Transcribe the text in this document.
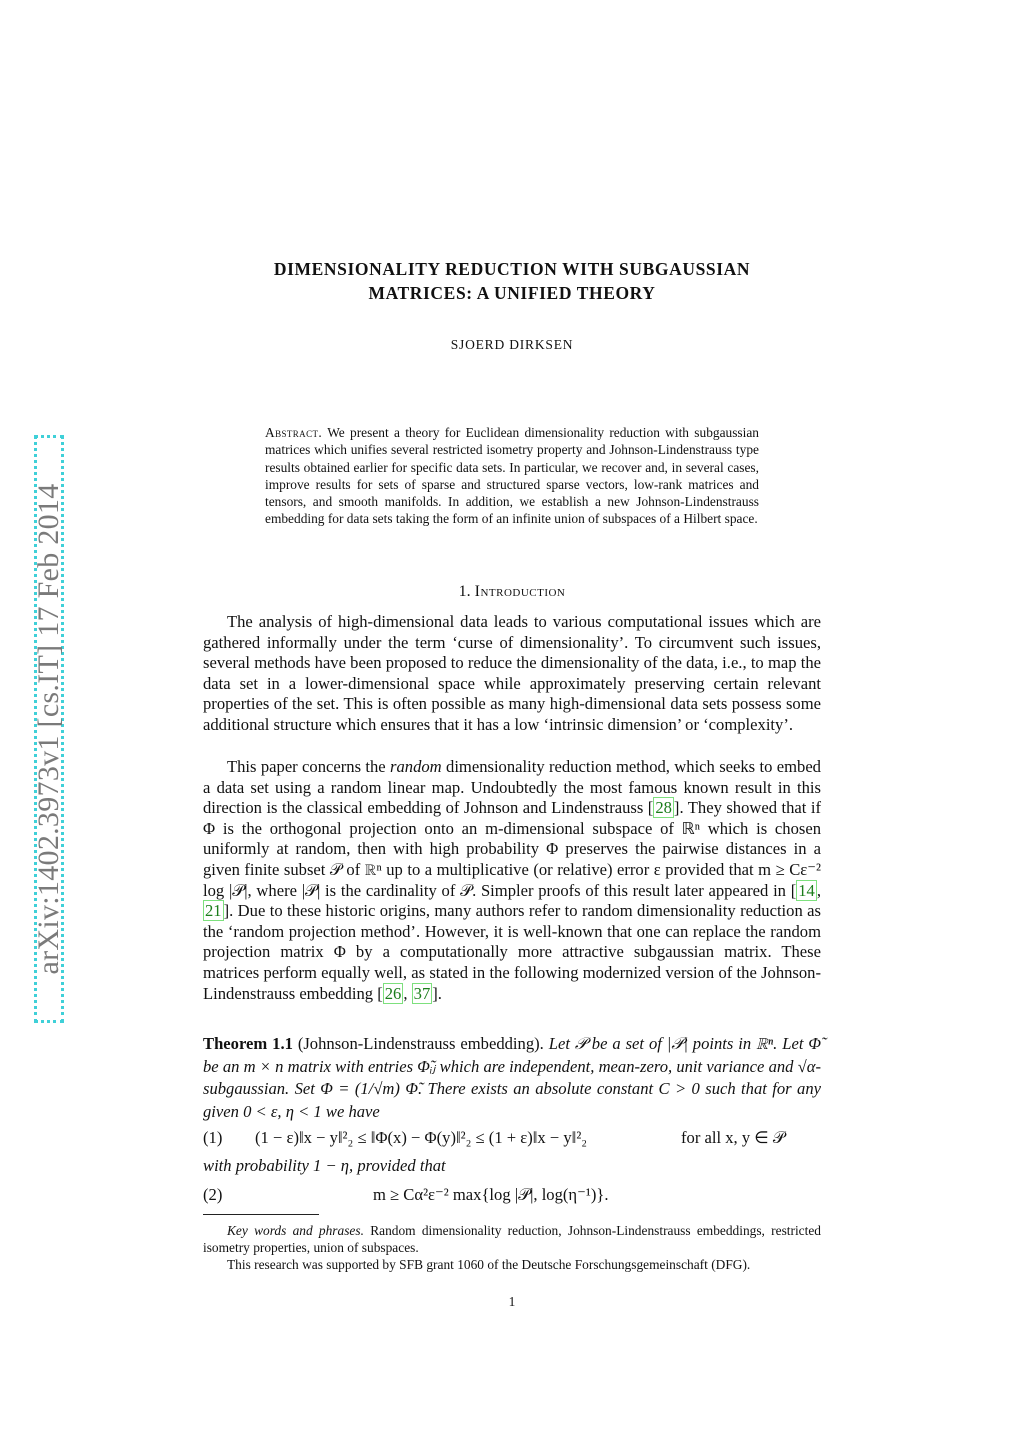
arXiv:1402.3973v1 [cs.IT] 17 Feb 2014
DIMENSIONALITY REDUCTION WITH SUBGAUSSIAN
MATRICES: A UNIFIED THEORY
SJOERD DIRKSEN
Abstract. We present a theory for Euclidean dimensionality reduction with subgaussian matrices which unifies several restricted isometry property and Johnson-Lindenstrauss type results obtained earlier for specific data sets. In particular, we recover and, in several cases, improve results for sets of sparse and structured sparse vectors, low-rank matrices and tensors, and smooth manifolds. In addition, we establish a new Johnson-Lindenstrauss embedding for data sets taking the form of an infinite union of subspaces of a Hilbert space.
1. Introduction

The analysis of high-dimensional data leads to various computational issues which are gathered informally under the term ‘curse of dimensionality’. To circumvent such issues, several methods have been proposed to reduce the dimensionality of the data, i.e., to map the data set in a lower-dimensional space while approximately preserving certain relevant properties of the set. This is often possible as many high-dimensional data sets possess some additional structure which ensures that it has a low ‘intrinsic dimension’ or ‘complexity’.

This paper concerns the random dimensionality reduction method, which seeks to embed a data set using a random linear map. Undoubtedly the most famous known result in this direction is the classical embedding of Johnson and Lindenstrauss [ 28 ]. They showed that if Φ is the orthogonal projection onto an m-dimensional subspace of ℝⁿ which is chosen uniformly at random, then with high probability Φ preserves the pairwise distances in a given finite subset 𝒫 of ℝⁿ up to a multiplicative (or relative) error ε provided that m ≥ Cε⁻² log |𝒫|, where |𝒫| is the cardinality of 𝒫. Simpler proofs of this result later appeared in [ 14 , 21 ]. Due to these historic origins, many authors refer to random dimensionality reduction as the ‘random projection method’. However, it is well-known that one can replace the random projection matrix Φ by a computationally more attractive subgaussian matrix. These matrices perform equally well, as stated in the following modernized version of the Johnson-Lindenstrauss embedding [ 26 , 37 ].

Theorem 1.1 (Johnson-Lindenstrauss embedding). Let 𝒫 be a set of |𝒫| points in ℝⁿ. Let Φ̃ be an m × n matrix with entries Φ̃ᵢⱼ which are independent, mean-zero, unit variance and √α-subgaussian. Set Φ = (1/√m) Φ̃. There exists an absolute constant C > 0 such that for any given 0 < ε, η < 1 we have
(1) (1 − ε)‖x − y‖²₂ ≤ ‖Φ(x) − Φ(y)‖²₂ ≤ (1 + ε)‖x − y‖²₂	for all x, y ∈ 𝒫
with probability 1 − η, provided that
(2)	m ≥ Cα²ε⁻² max{log |𝒫|, log(η⁻¹)}.

Key words and phrases. Random dimensionality reduction, Johnson-Lindenstrauss embeddings, restricted isometry properties, union of subspaces.

This research was supported by SFB grant 1060 of the Deutsche Forschungsgemeinschaft (DFG).

1
